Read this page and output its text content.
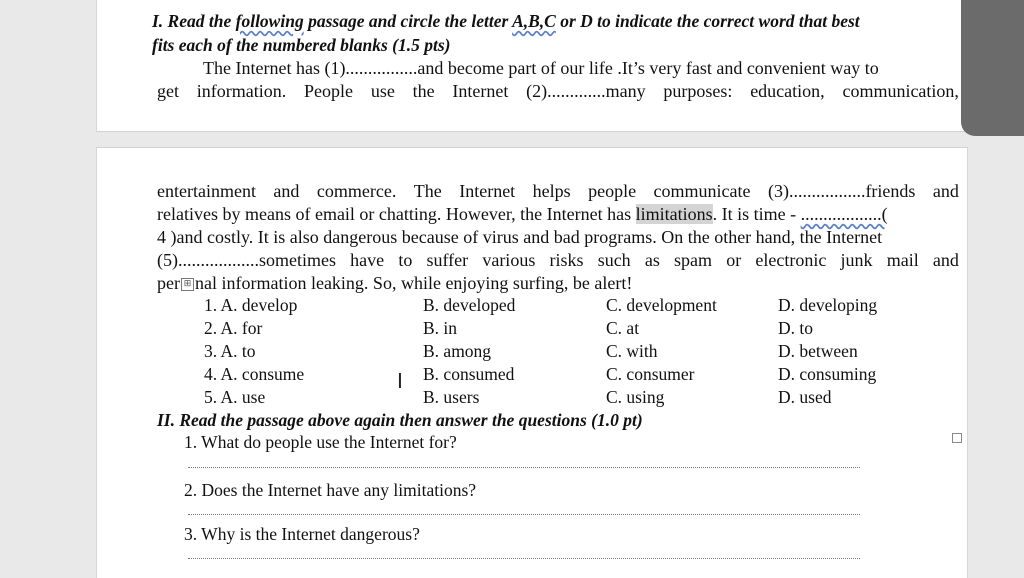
I. Read the following passage and circle the letter A,B,C or D to indicate the correct word that best
fits each of the numbered blanks (1.5 pts)
The Internet has (1)................and become part of our life .It’s very fast and convenient way to
get information. People use the Internet (2).............many purposes: education, communication,
entertainment and commerce. The Internet helps people communicate (3).................friends and
relatives by means of email or chatting. However, the Internet has limitations. It is time - ..................(
4 )and costly. It is also dangerous because of virus and bad programs. On the other hand, the Internet
(5)..................sometimes have to suffer various risks such as spam or electronic junk mail and
per ⊞ nal information leaking. So, while enjoying surfing, be alert!
1. A. develop	B. developed	C. development	D. developing
2. A. for	B. in	C. at	D. to
3. A. to	B. among	C. with	D. between
4. A. consume	B. consumed	C. consumer	D. consuming
5. A. use	B. users	C. using	D. used
I
II. Read the passage above again then answer the questions (1.0 pt)
1. What do people use the Internet for?
2. Does the Internet have any limitations?
3. Why is the Internet dangerous?
